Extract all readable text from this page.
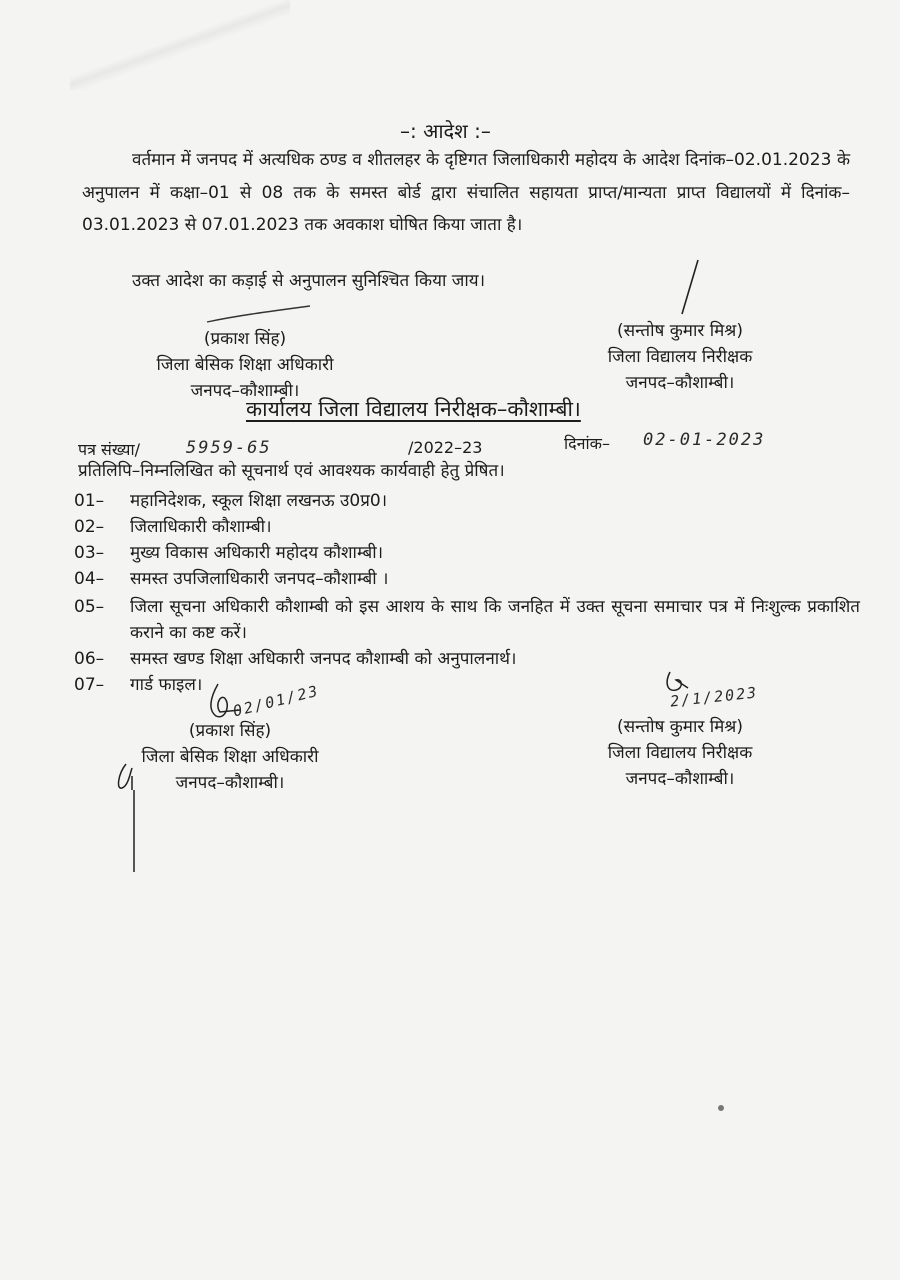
–: आदेश :–
वर्तमान में जनपद में अत्यधिक ठण्ड व शीतलहर के दृष्टिगत जिलाधिकारी महोदय के आदेश दिनांक–02.01.2023 के अनुपालन में कक्षा–01 से 08 तक के समस्त बोर्ड द्वारा संचालित सहायता प्राप्त/मान्यता प्राप्त विद्यालयों में दिनांक–03.01.2023 से 07.01.2023 तक अवकाश घोषित किया जाता है।
उक्त आदेश का कड़ाई से अनुपालन सुनिश्चित किया जाय।
(प्रकाश सिंह)
जिला बेसिक शिक्षा अधिकारी
जनपद–कौशाम्बी।
(सन्तोष कुमार मिश्र)
जिला विद्यालय निरीक्षक
जनपद–कौशाम्बी।
कार्यालय जिला विद्यालय निरीक्षक–कौशाम्बी।
पत्र संख्या/	5959-65	/2022–23	दिनांक– 02-01-2023
प्रतिलिपि–निम्नलिखित को सूचनार्थ एवं आवश्यक कार्यवाही हेतु प्रेषित।
01–	महानिदेशक, स्कूल शिक्षा लखनऊ उ0प्र0।
02–	जिलाधिकारी कौशाम्बी।
03–	मुख्य विकास अधिकारी महोदय कौशाम्बी।
04–	समस्त उपजिलाधिकारी जनपद–कौशाम्बी ।
05–	जिला सूचना अधिकारी कौशाम्बी को इस आशय के साथ कि जनहित में उक्त सूचना समाचार पत्र में निःशुल्क प्रकाशित कराने का कष्ट करें।
06–	समस्त खण्ड शिक्षा अधिकारी जनपद कौशाम्बी को अनुपालनार्थ।
07–	गार्ड फाइल।	02/01/23
(प्रकाश सिंह)
जिला बेसिक शिक्षा अधिकारी
जनपद–कौशाम्बी।
2/1/2023
(सन्तोष कुमार मिश्र)
जिला विद्यालय निरीक्षक
जनपद–कौशाम्बी।
